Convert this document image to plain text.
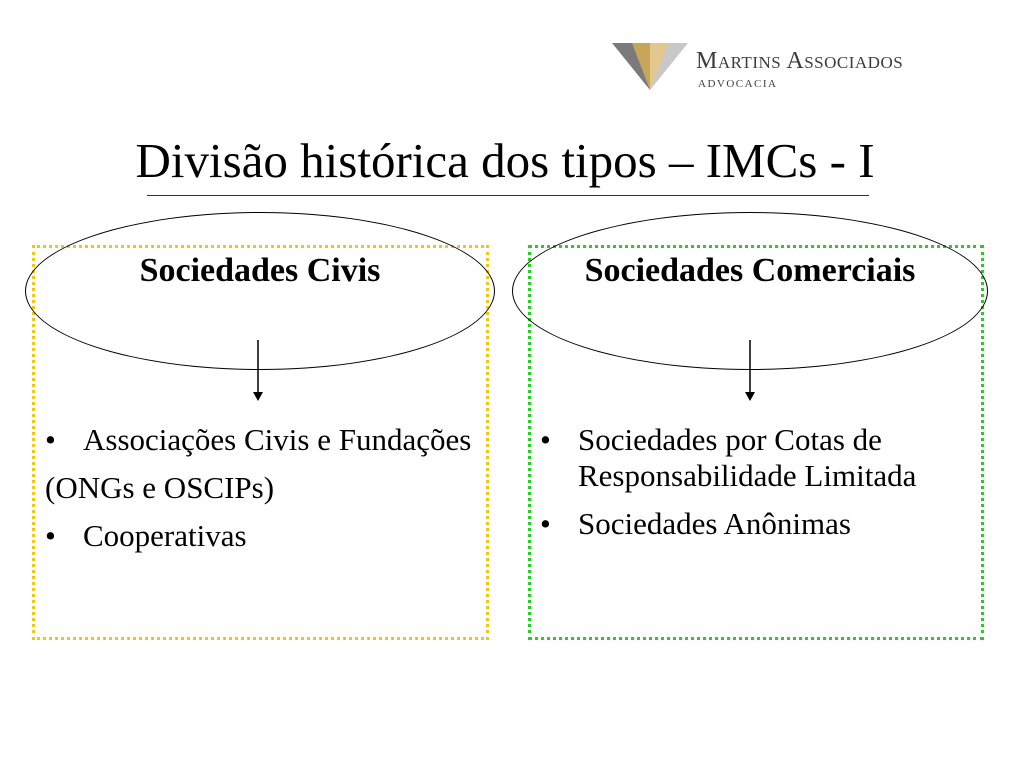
Martins Associados
ADVOCACIA
Divisão histórica dos tipos – IMCs - I
Sociedades Civis	Sociedades Comerciais
• Associações Civis e Fundações
(ONGs e OSCIPs)
• Cooperativas
• Sociedades por Cotas de Responsabilidade Limitada
• Sociedades Anônimas
